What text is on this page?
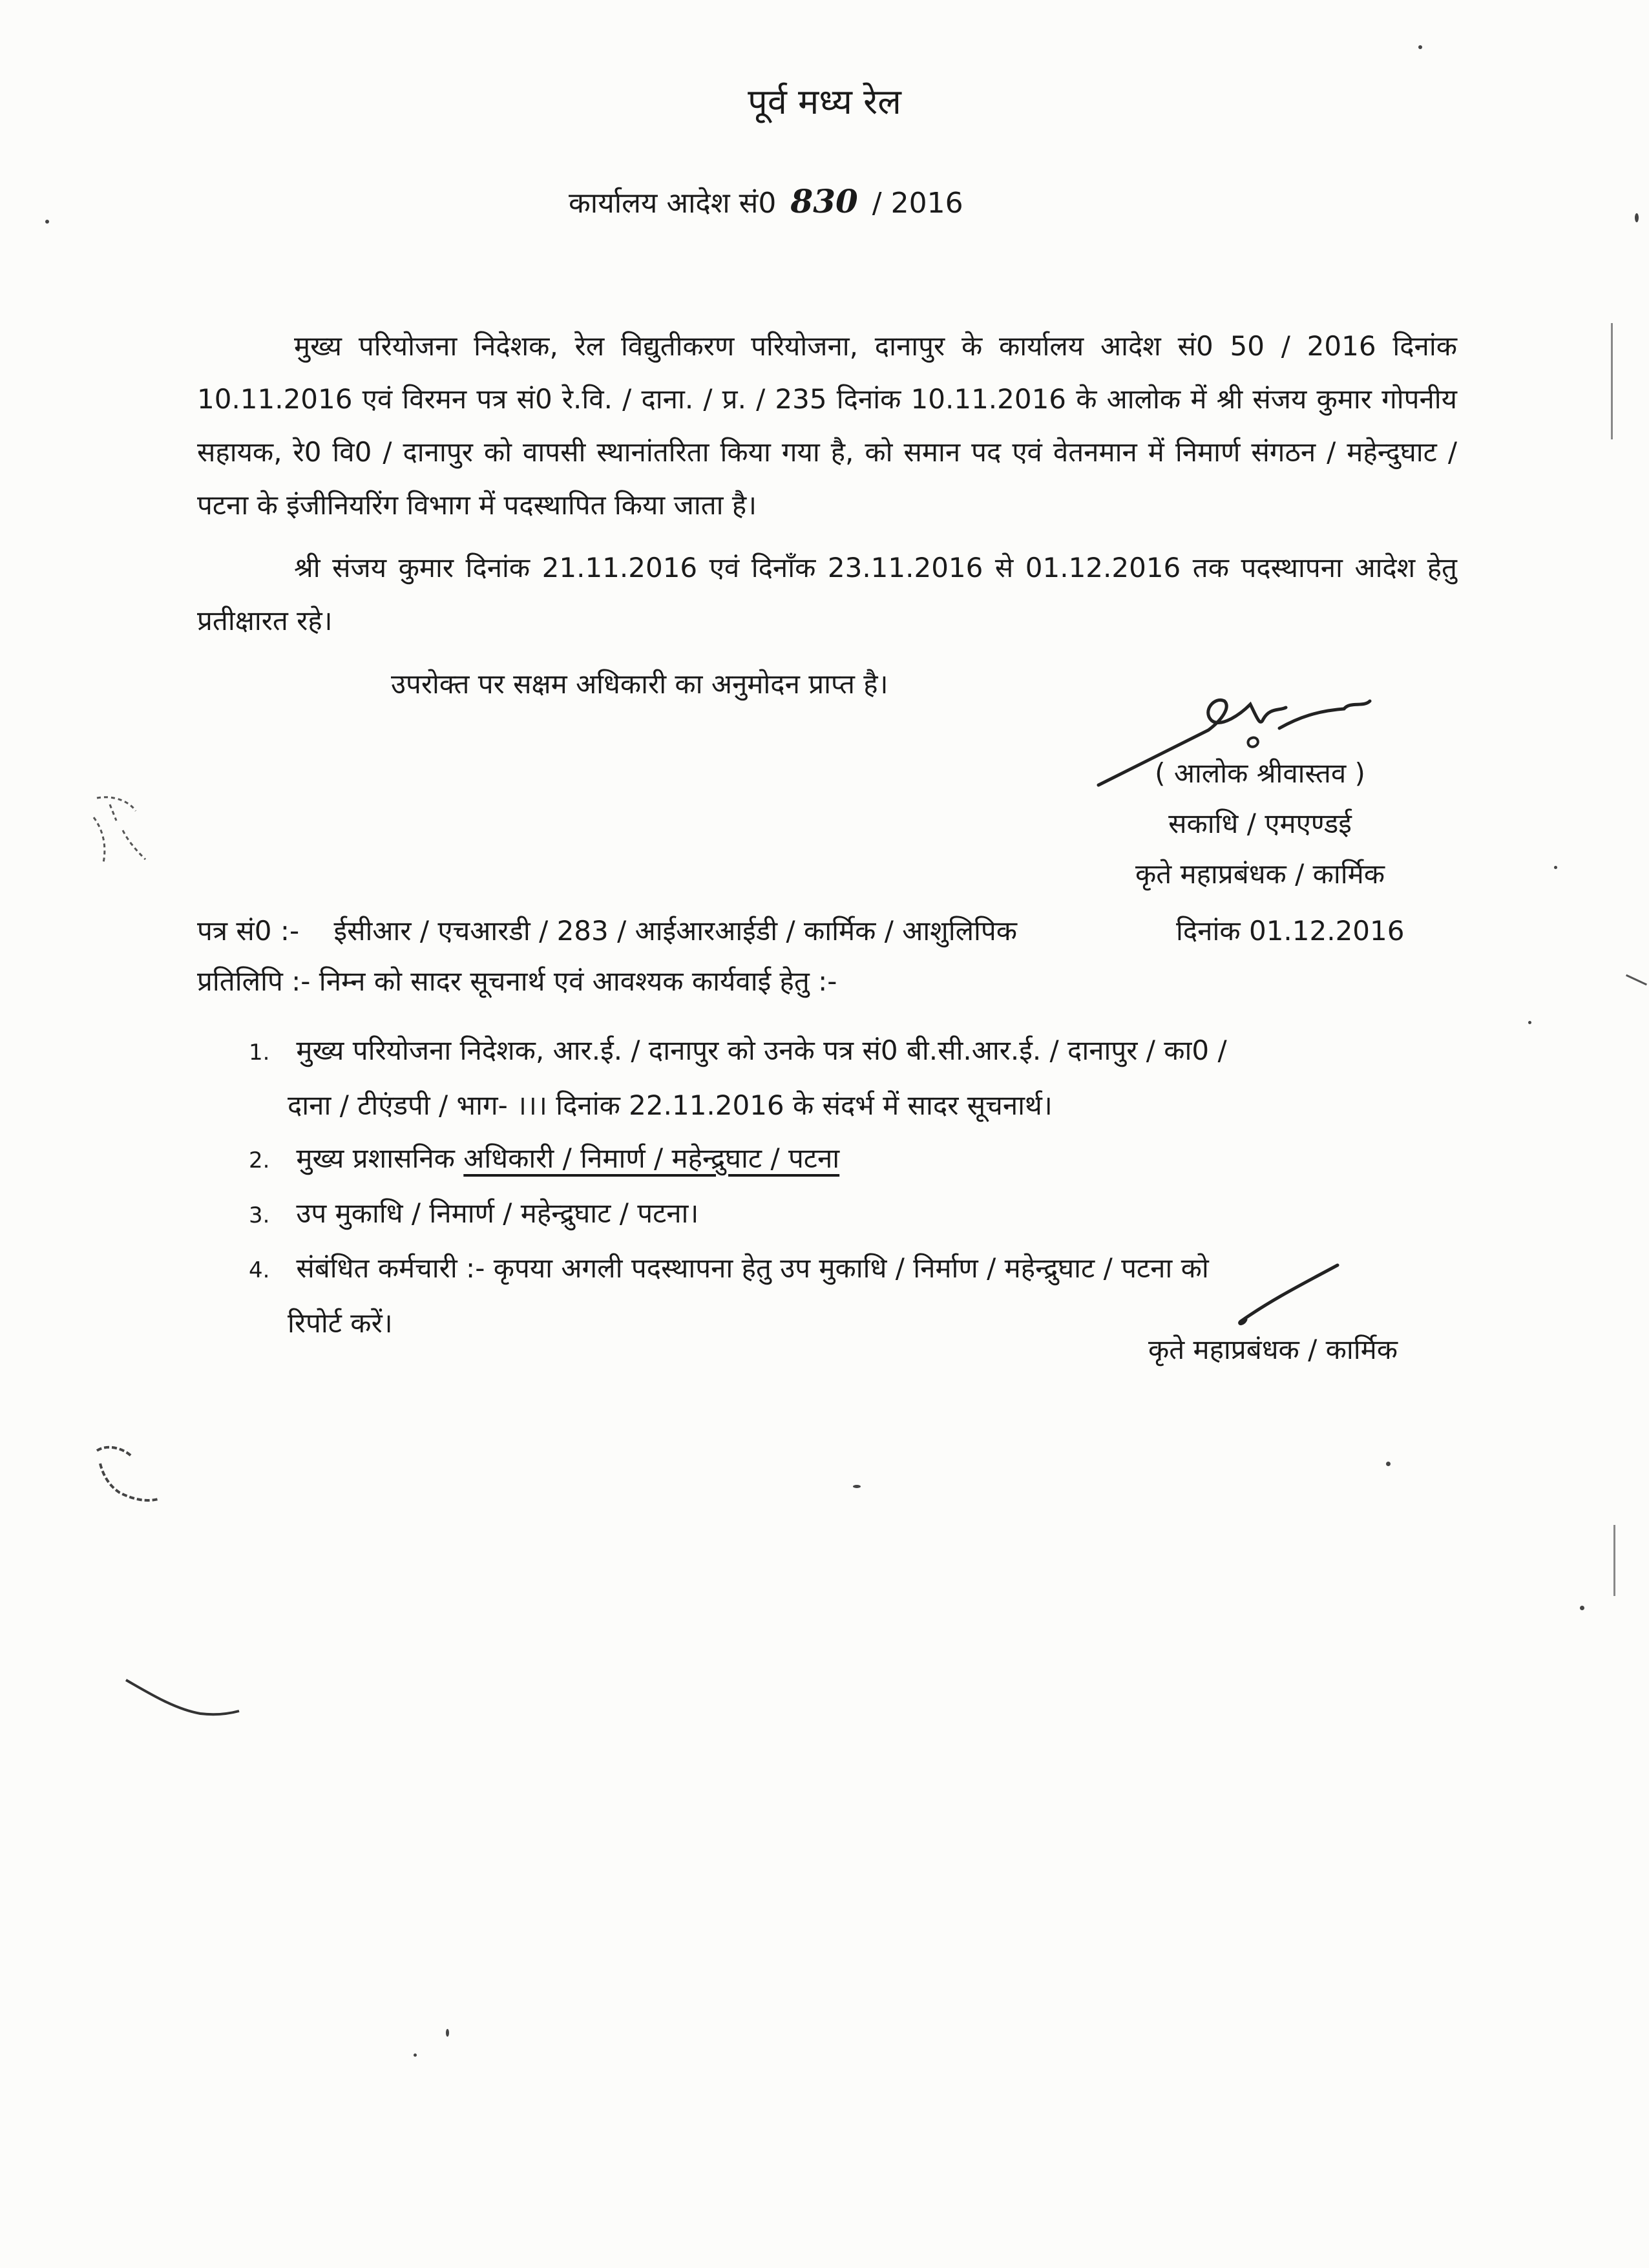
पूर्व मध्य रेल
कार्यालय आदेश सं0 830 / 2016
मुख्य परियोजना निदेशक, रेल विद्युतीकरण परियोजना, दानापुर के कार्यालय आदेश सं0 50 / 2016 दिनांक 10.11.2016 एवं विरमन पत्र सं0 रे.वि. / दाना. / प्र. / 235 दिनांक 10.11.2016 के आलोक में श्री संजय कुमार गोपनीय सहायक, रे0 वि0 / दानापुर को वापसी स्थानांतरिता किया गया है, को समान पद एवं वेतनमान में निमार्ण संगठन / महेन्दुघाट / पटना के इंजीनियरिंग विभाग में पदस्थापित किया जाता है।
श्री संजय कुमार दिनांक 21.11.2016 एवं दिनाँक 23.11.2016 से 01.12.2016 तक पदस्थापना आदेश हेतु प्रतीक्षारत रहे।
उपरोक्त पर सक्षम अधिकारी का अनुमोदन प्राप्त है।
( आलोक श्रीवास्तव )
सकाधि / एमएण्डई
कृते महाप्रबंधक / कार्मिक
पत्र सं0 :- ईसीआर / एचआरडी / 283 / आईआरआईडी / कार्मिक / आशुलिपिक	दिनांक 01.12.2016
प्रतिलिपि :- निम्न को सादर सूचनार्थ एवं आवश्यक कार्यवाई हेतु :-
1. मुख्य परियोजना निदेशक, आर.ई. / दानापुर को उनके पत्र सं0 बी.सी.आर.ई. / दानापुर / का0 /
दाना / टीएंडपी / भाग- ।।। दिनांक 22.11.2016 के संदर्भ में सादर सूचनार्थ।
2. मुख्य प्रशासनिक अधिकारी / निमार्ण / महेन्द्रुघाट / पटना
3. उप मुकाधि / निमार्ण / महेन्द्रुघाट / पटना।
4. संबंधित कर्मचारी :- कृपया अगली पदस्थापना हेतु उप मुकाधि / निर्माण / महेन्द्रुघाट / पटना को
रिपोर्ट करें।
कृते महाप्रबंधक / कार्मिक
